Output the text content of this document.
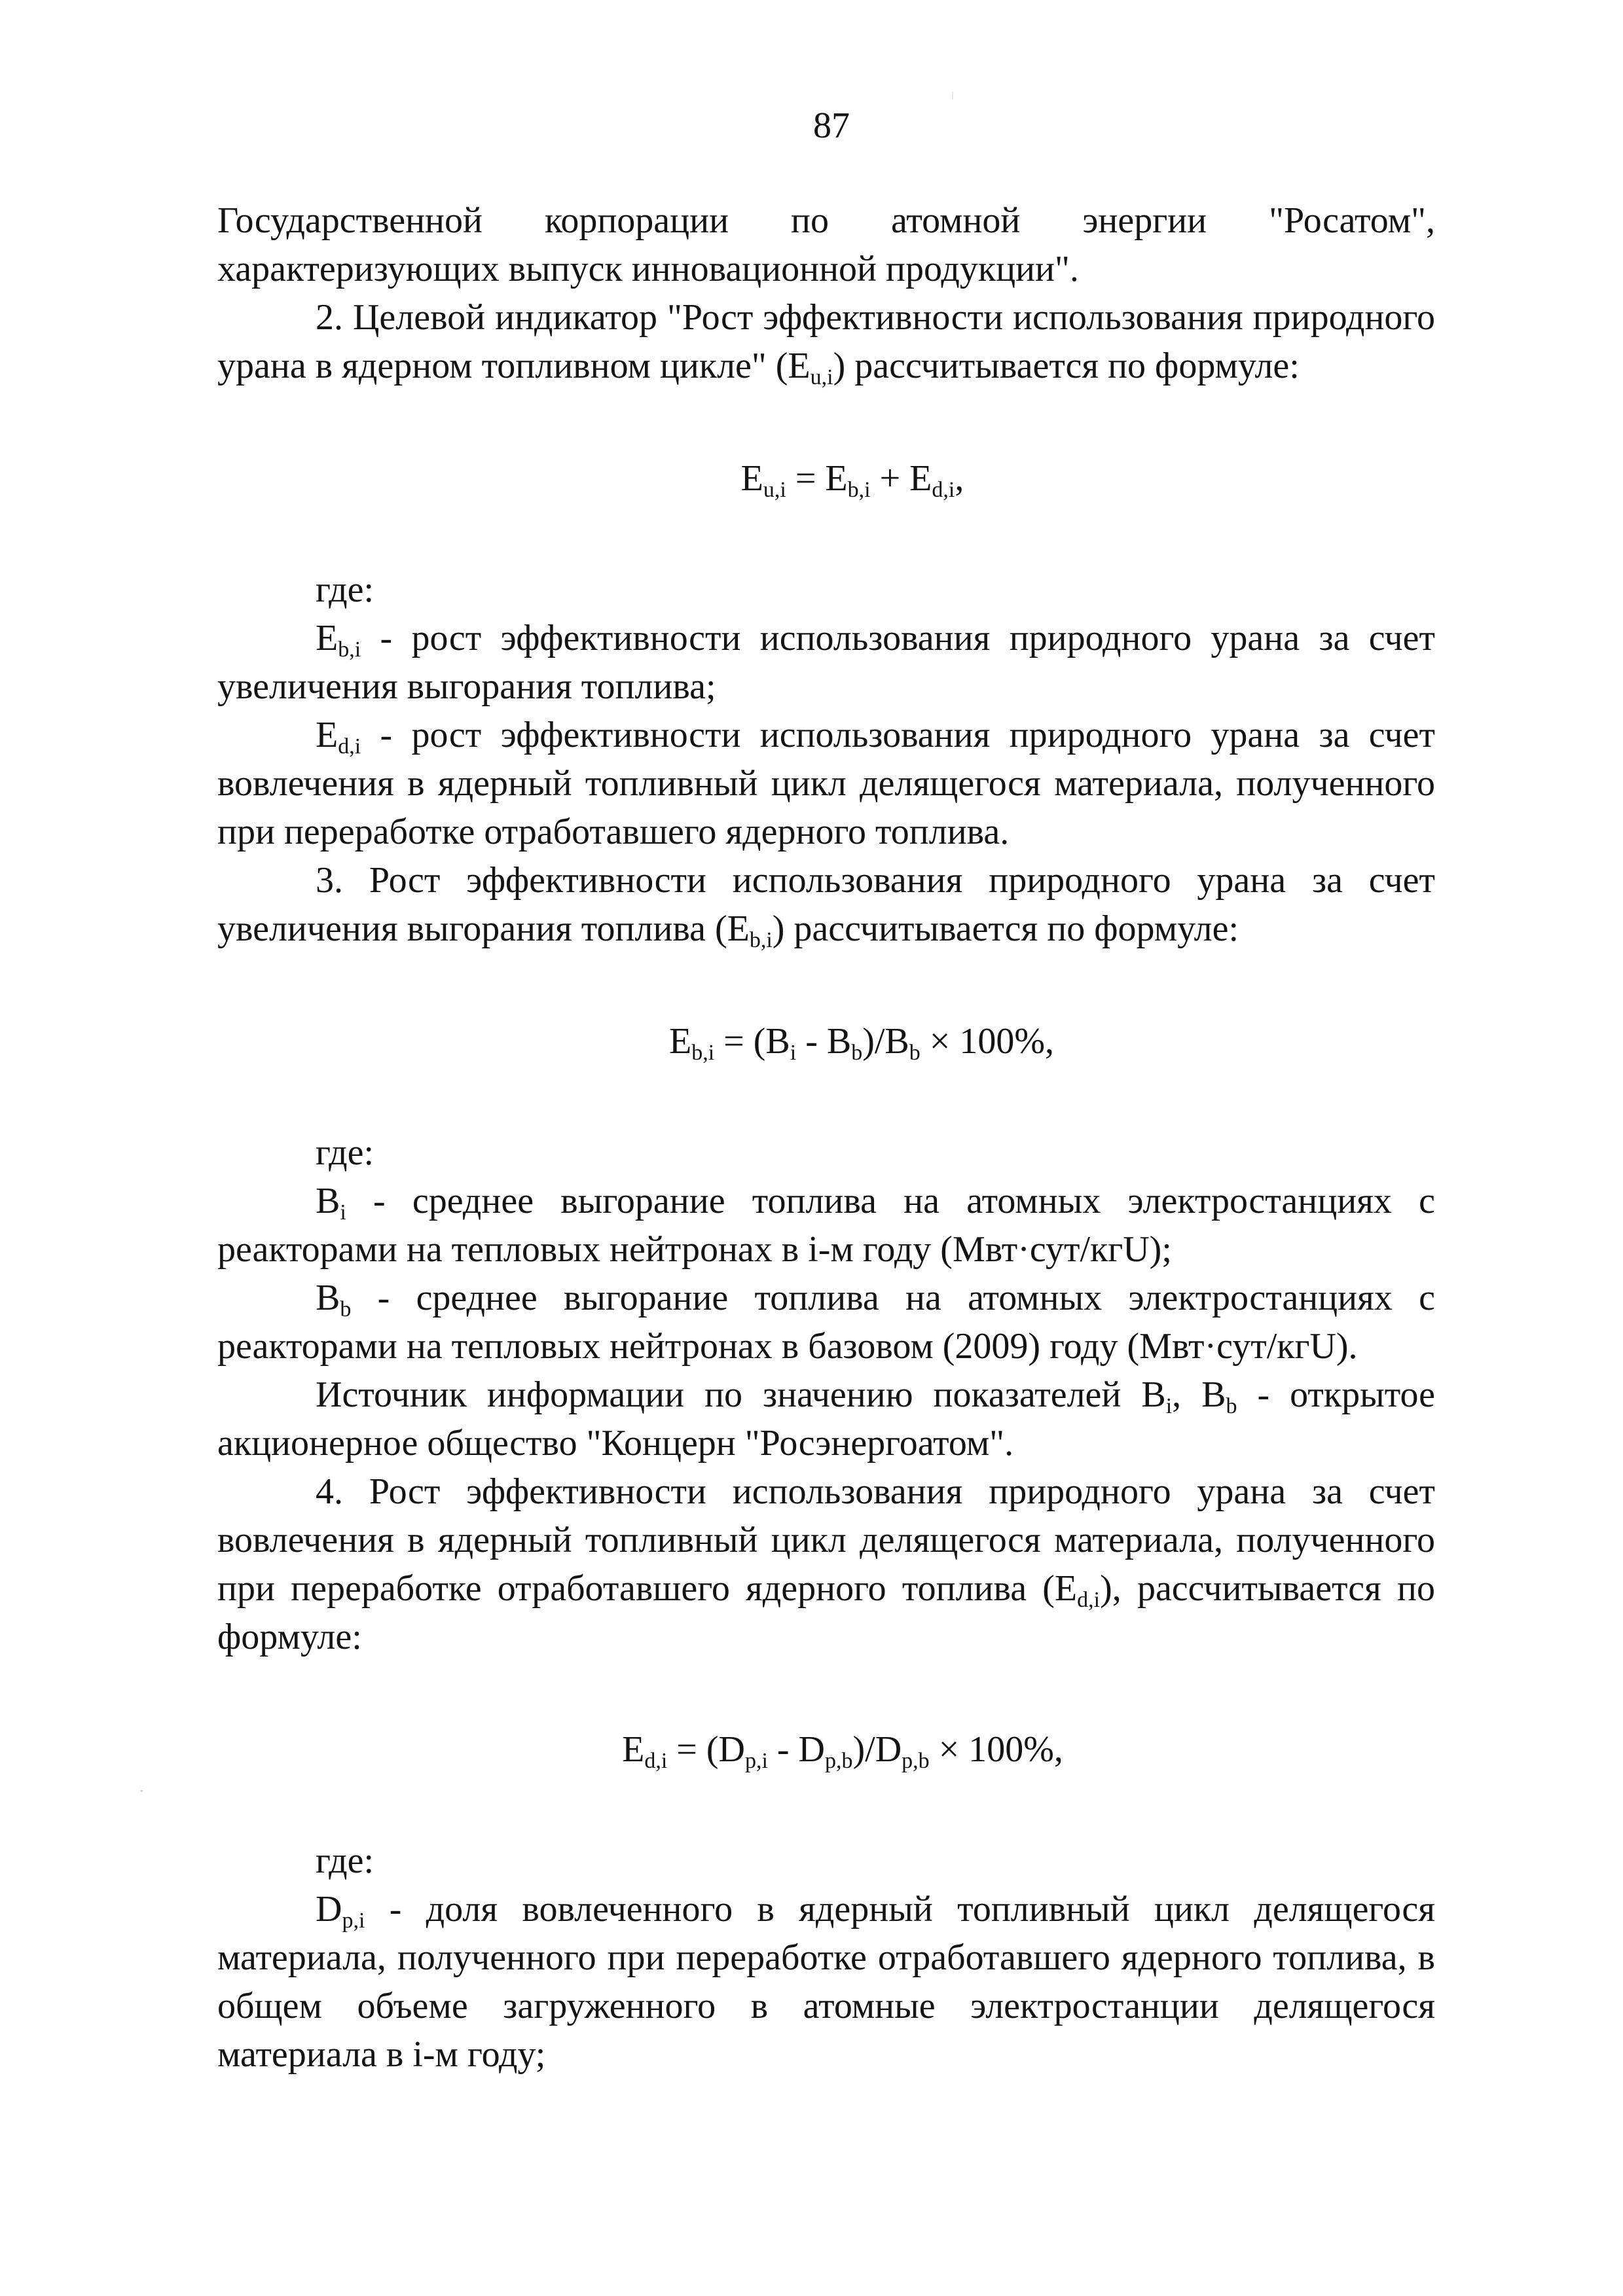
87

Государственной корпорации по атомной энергии "Росатом", характеризующих выпуск инновационной продукции".

2. Целевой индикатор "Рост эффективности использования природного урана в ядерном топливном цикле" $(E_{u,i})$ рассчитывается по формуле:

$E_{u,i} = E_{b,i} + E_{d,i}$,

где:

$E_{b,i}$ - рост эффективности использования природного урана за счет увеличения выгорания топлива;

$E_{d,i}$ - рост эффективности использования природного урана за счет вовлечения в ядерный топливный цикл делящегося материала, полученного при переработке отработавшего ядерного топлива.

3. Рост эффективности использования природного урана за счет увеличения выгорания топлива $(E_{b,i})$ рассчитывается по формуле:

$E_{b,i} = (B_i - B_b)/B_b \times 100\%$,

где:

$B_i$ - среднее выгорание топлива на атомных электростанциях с реакторами на тепловых нейтронах в i-м году (Мвт·сут/кгU);

$B_b$ - среднее выгорание топлива на атомных электростанциях с реакторами на тепловых нейтронах в базовом (2009) году (Мвт·сут/кгU).

Источник информации по значению показателей $B_i$, $B_b$ - открытое акционерное общество "Концерн "Росэнергоатом".

4. Рост эффективности использования природного урана за счет вовлечения в ядерный топливный цикл делящегося материала, полученного при переработке отработавшего ядерного топлива $(E_{d,i})$, рассчитывается по формуле:

$E_{d,i} = (D_{p,i} - D_{p,b})/D_{p,b} \times 100\%$,

где:

$D_{p,i}$ - доля вовлеченного в ядерный топливный цикл делящегося материала, полученного при переработке отработавшего ядерного топлива, в общем объеме загруженного в атомные электростанции делящегося материала в i-м году;
